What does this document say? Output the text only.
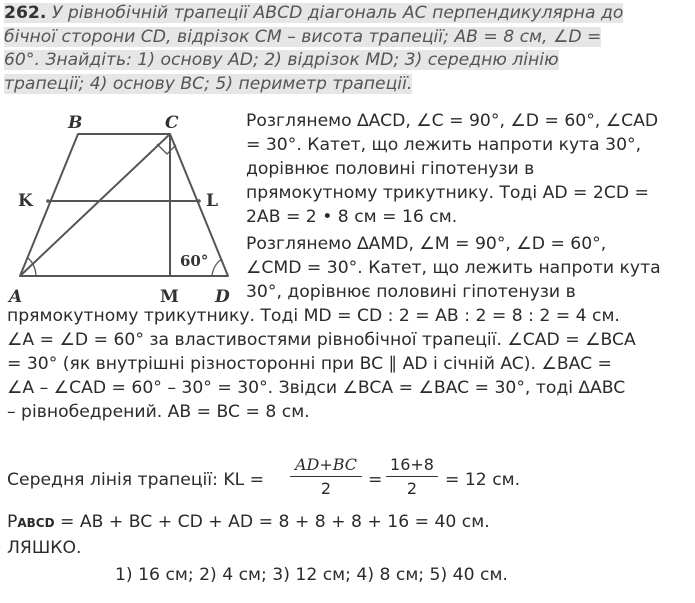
262. У рівнобічній трапеції ABCD діагональ AC перпендикулярна до
бічної сторони CD, відрізок CM – висота трапеції; AB = 8 см, ∠D =
60°. Знайдіть: 1) основу AD; 2) відрізок MD; 3) середню лінію
трапеції; 4) основу BC; 5) периметр трапеції.
B	C
K	L
A	M D
60°
Розглянемо ∆ACD, ∠C = 90°, ∠D = 60°, ∠CAD
= 30°. Катет, що лежить напроти кута 30°,
дорівнює половині гіпотенузи в
прямокутному трикутнику. Тоді AD = 2CD =
2AB = 2 • 8 см = 16 см.
Розглянемо ∆AMD, ∠M = 90°, ∠D = 60°,
∠CMD = 30°. Катет, що лежить напроти кута
30°, дорівнює половині гіпотенузи в
прямокутному трикутнику. Тоді MD = CD : 2 = AB : 2 = 8 : 2 = 4 см.
∠A = ∠D = 60° за властивостями рівнобічної трапеції. ∠CAD = ∠BCA
= 30° (як внутрішні різносторонні при BC ∥ AD і січній AC). ∠BAC =
∠A – ∠CAD = 60° – 30° = 30°. Звідси ∠BCA = ∠BAC = 30°, тоді ∆ABC
– рівнобедрений. AB = BC = 8 см.
Середня лінія трапеції: KL =
AD+BC
2	=
16+8
2	= 12 см.
PABCD = AB + BC + CD + AD = 8 + 8 + 8 + 16 = 40 см.
ЛЯШКО.
1) 16 см; 2) 4 см; 3) 12 см; 4) 8 см; 5) 40 см.
